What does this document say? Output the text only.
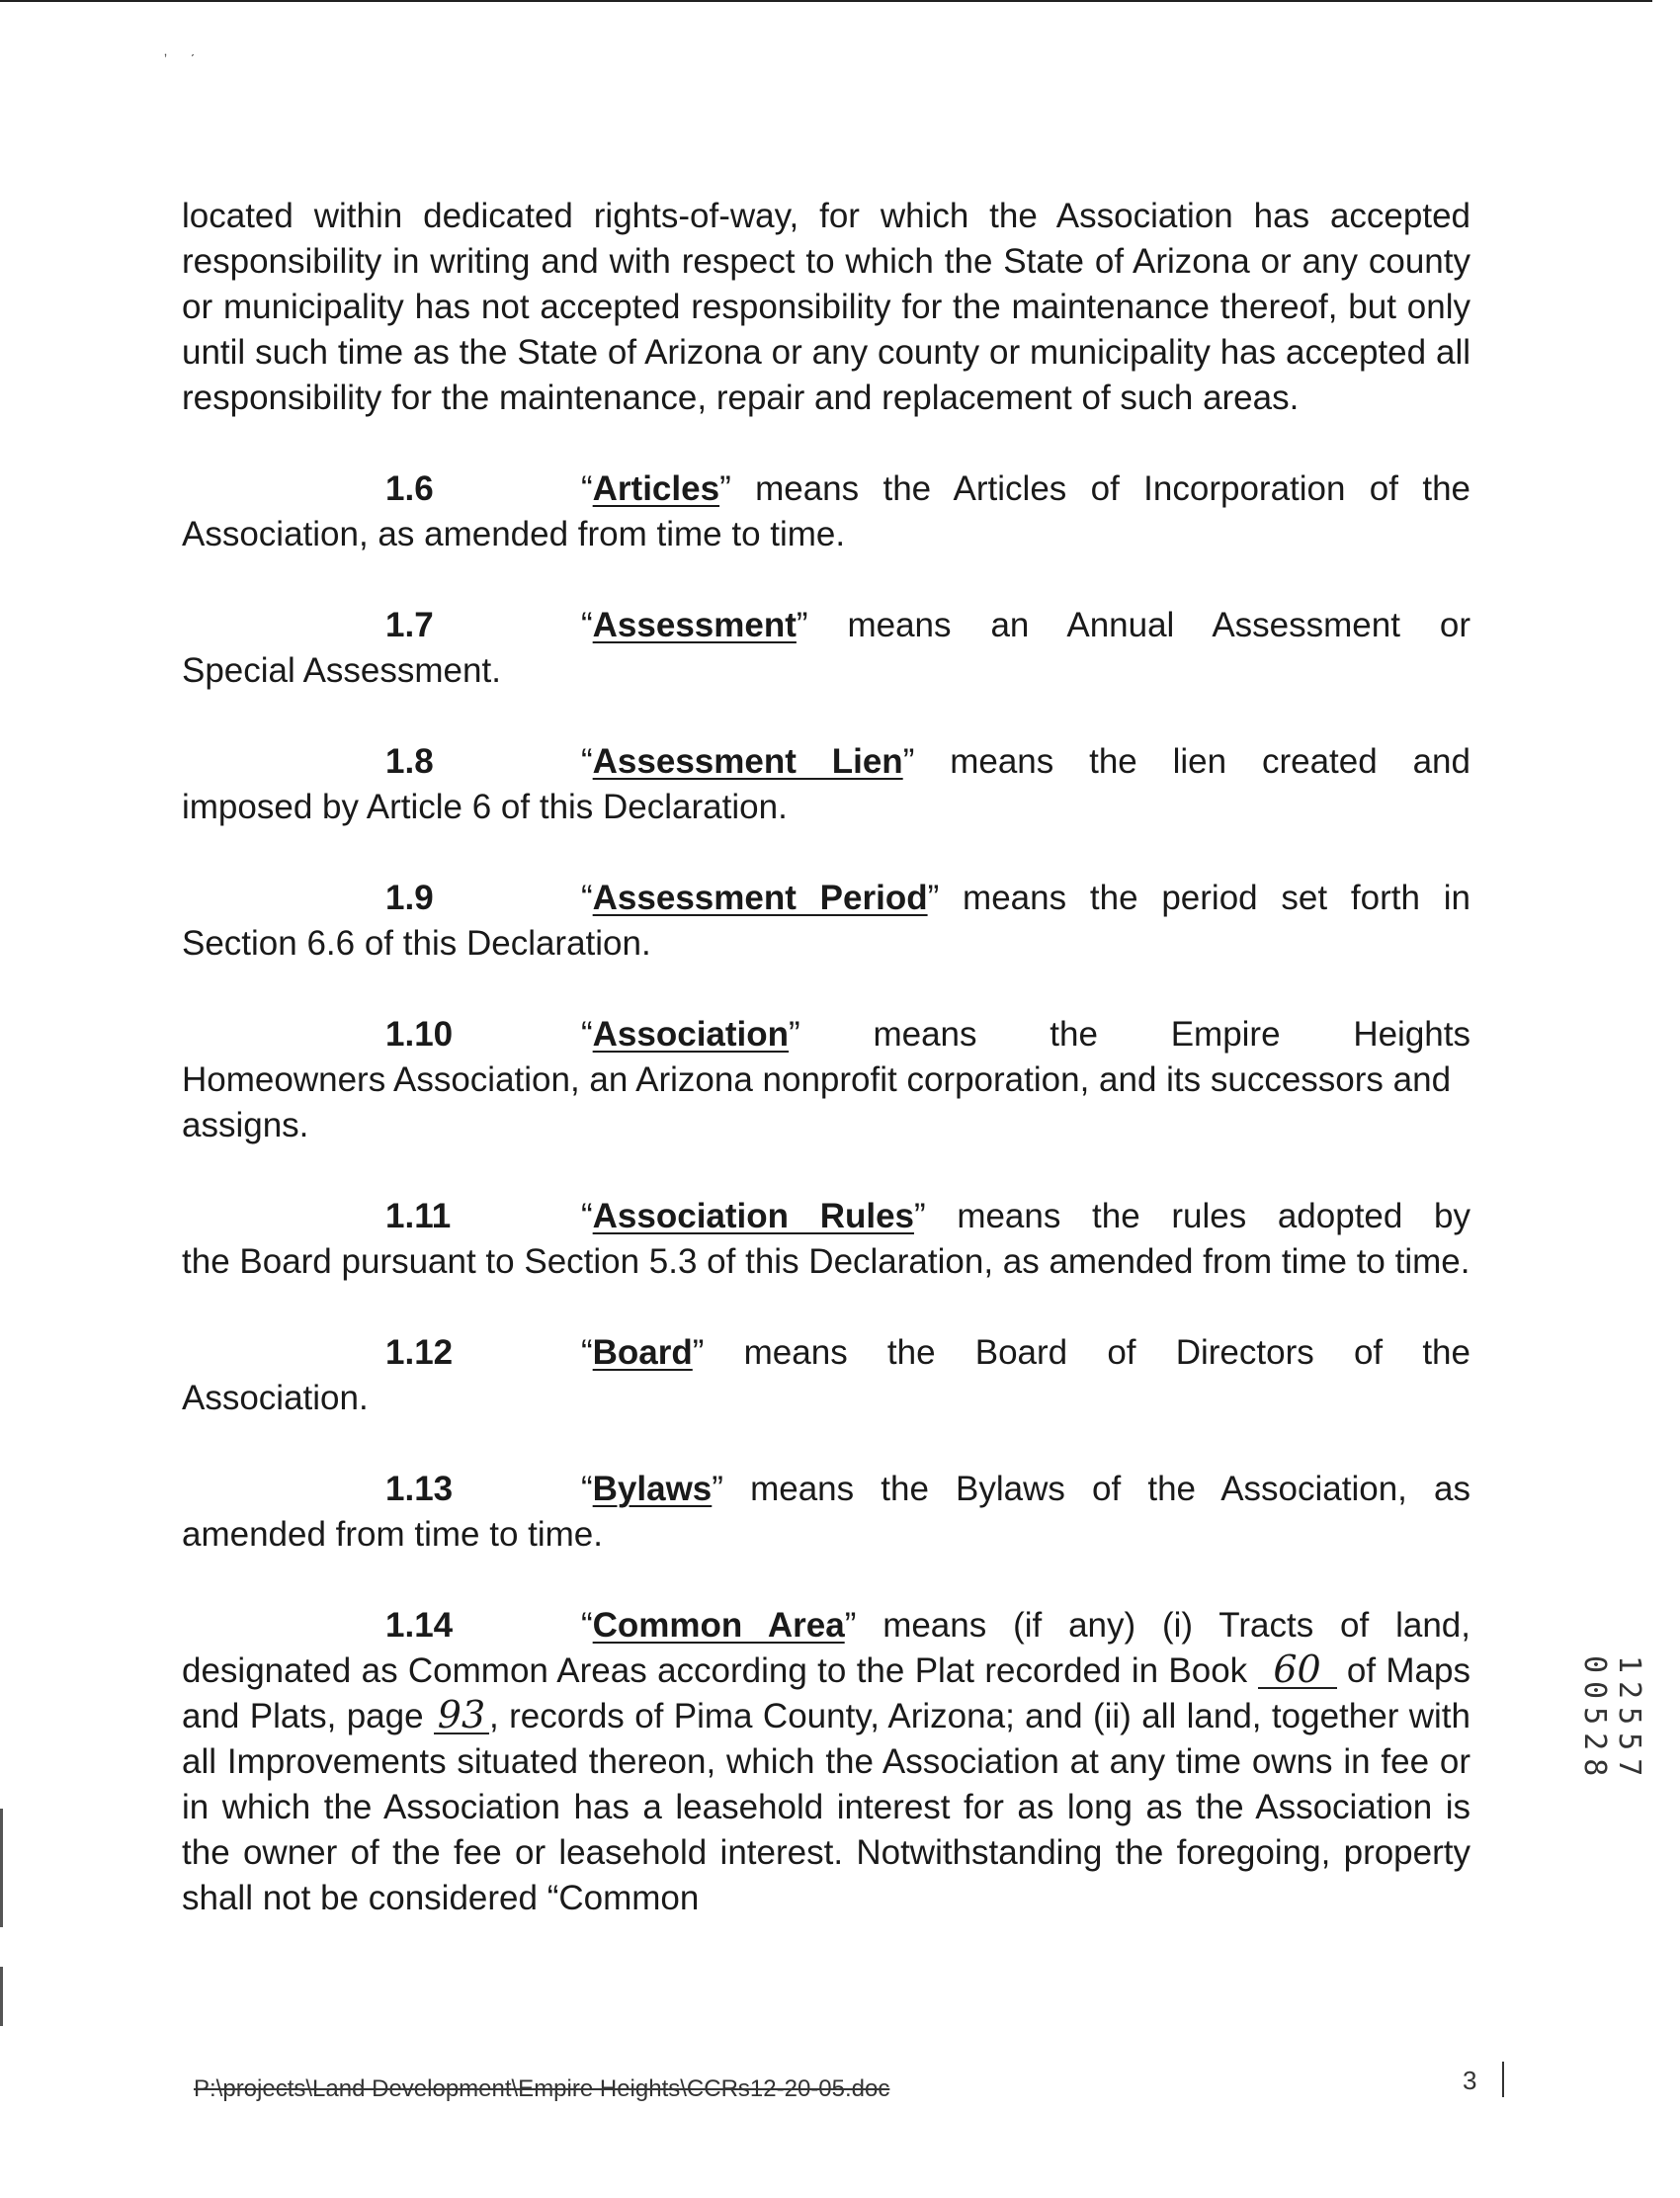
ʼ      ˊ

located within dedicated rights-of-way, for which the Association has accepted responsibility in writing and with respect to which the State of Arizona or any county or municipality has not accepted responsibility for the maintenance thereof, but only until such time as the State of Arizona or any county or municipality has accepted all responsibility for the maintenance, repair and replacement of such areas.

1.6	“Articles” means the Articles of Incorporation of the
Association, as amended from time to time.
1.7	“Assessment” means an Annual Assessment or
Special Assessment.
1.8	“Assessment Lien” means the lien created and
imposed by Article 6 of this Declaration.
1.9	“Assessment Period” means the period set forth in
Section 6.6 of this Declaration.
1.10	“Association” means the Empire Heights
Homeowners Association, an Arizona nonprofit corporation, and its successors and assigns.
1.11	“Association Rules” means the rules adopted by
the Board pursuant to Section 5.3 of this Declaration, as amended from time to time.
1.12	“Board” means the Board of Directors of the
Association.
1.13	“Bylaws” means the Bylaws of the Association, as
amended from time to time.
1.14	“Common Area” means (if any) (i) Tracts of land,
designated as Common Areas according to the Plat recorded in Book 60 of Maps and Plats, page 93 , records of Pima County, Arizona; and (ii) all land, together with all Improvements situated thereon, which the Association at any time owns in fee or in which the Association has a leasehold interest for as long as the Association is the owner of the fee or leasehold interest. Notwithstanding the foregoing, property shall not be considered “Common
12557 00528
P:\projects\Land Development\Empire Heights\CCRs12-20-05.doc	3
